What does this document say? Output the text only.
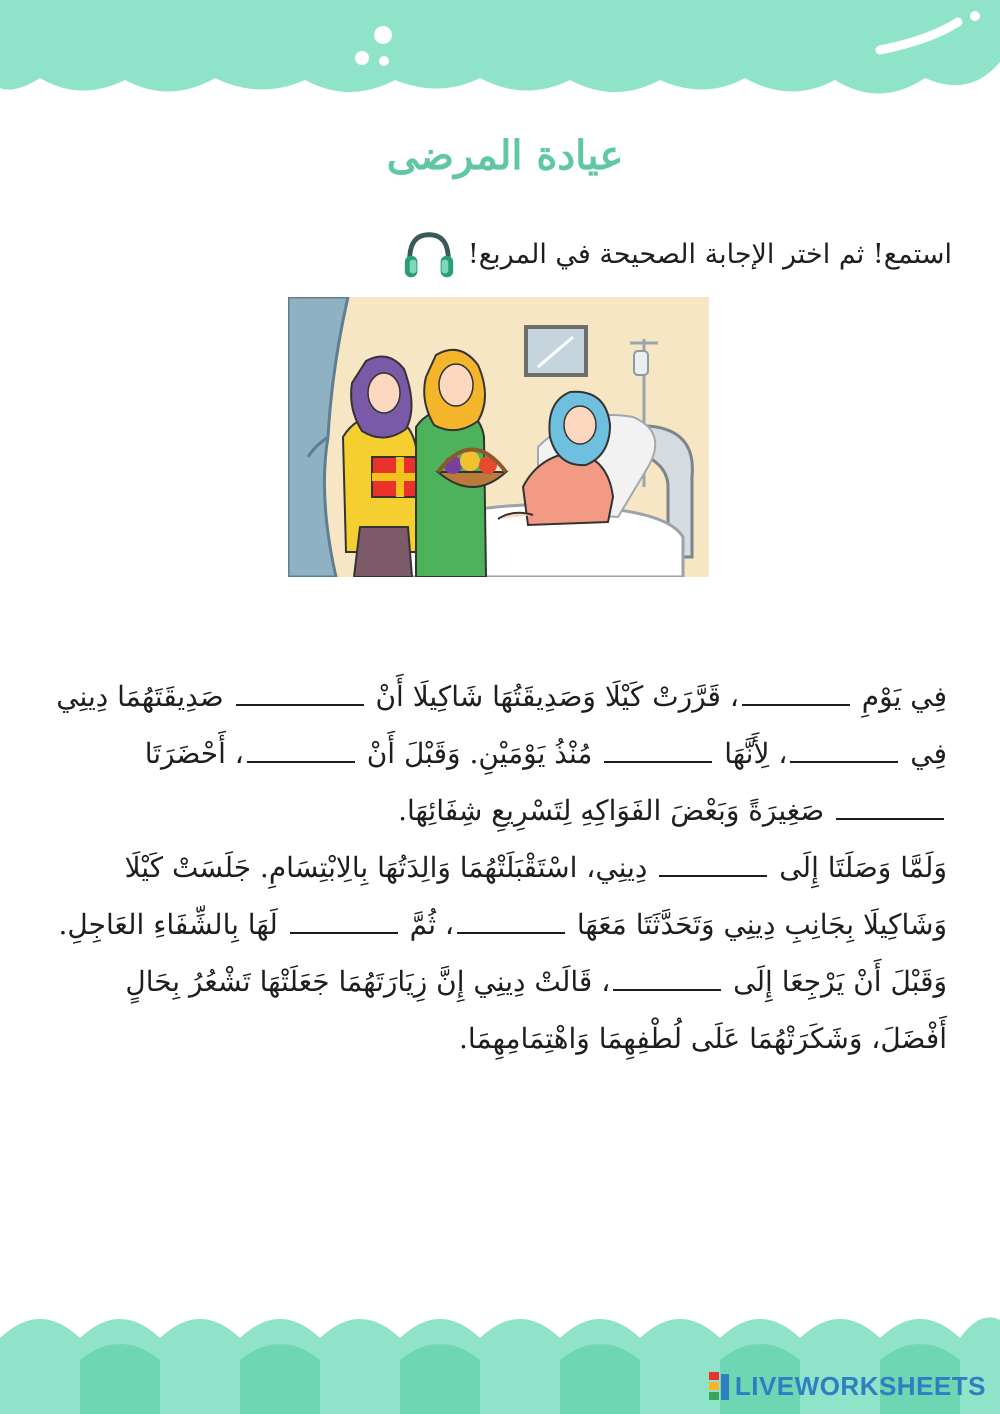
عيادة المرضى
استمع! ثم اختر الإجابة الصحيحة في المربع!

فِي يَوْمِ ، قَرَّرَتْ كَيْلَا وَصَدِيقَتُهَا شَاكِيلَا أَنْ  صَدِيقَتَهُمَا دِينِي فِي ، لِأَنَّهَا  مُنْذُ يَوْمَيْنِ. وَقَبْلَ أَنْ ، أَحْضَرَتَا  صَغِيرَةً وَبَعْضَ الفَوَاكِهِ لِتَسْرِيعِ شِفَائِهَا.

وَلَمَّا وَصَلَتَا إِلَى  دِينِي، اسْتَقْبَلَتْهُمَا وَالِدَتُهَا بِالِابْتِسَامِ. جَلَسَتْ كَيْلَا وَشَاكِيلَا بِجَانِبِ دِينِي وَتَحَدَّثَتَا مَعَهَا ، ثُمَّ  لَهَا بِالشِّفَاءِ العَاجِلِ.

وَقَبْلَ أَنْ يَرْجِعَا إِلَى ، قَالَتْ دِينِي إِنَّ زِيَارَتَهُمَا جَعَلَتْهَا تَشْعُرُ بِحَالٍ أَفْضَلَ، وَشَكَرَتْهُمَا عَلَى لُطْفِهِمَا وَاهْتِمَامِهِمَا.

LIVEWORKSHEETS
